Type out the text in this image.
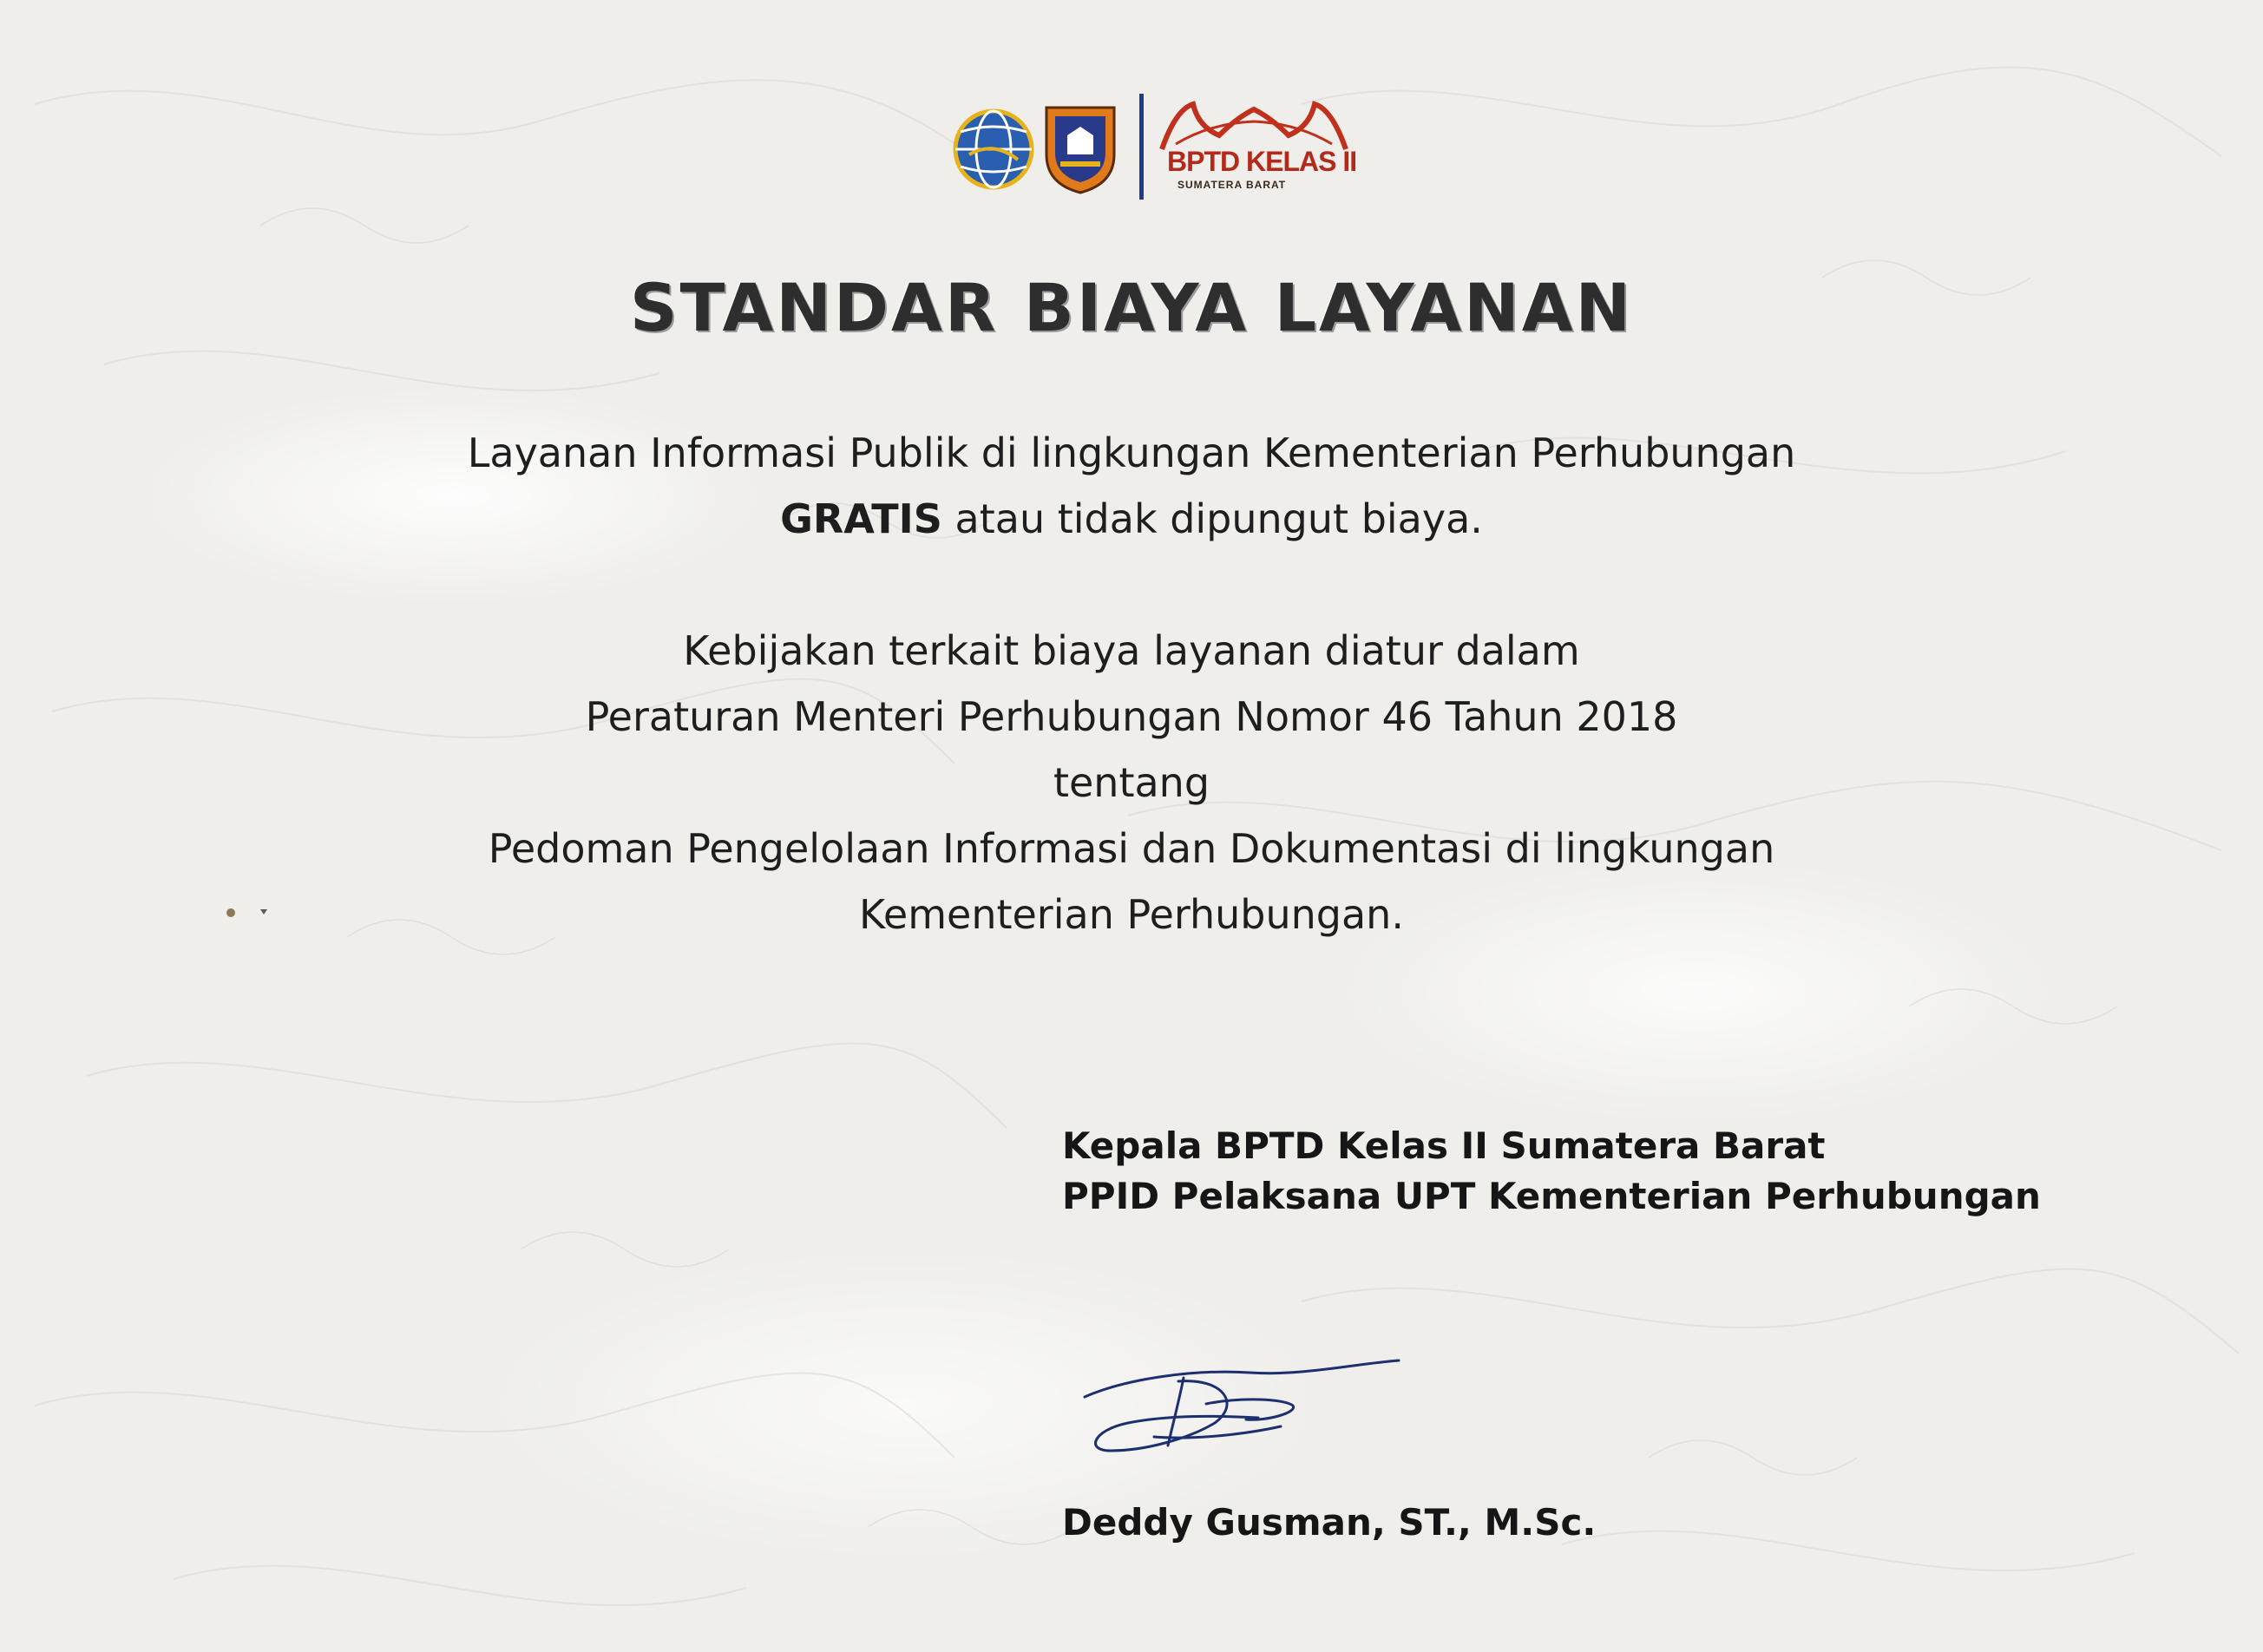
BPTD KELAS II
SUMATERA BARAT
STANDAR BIAYA LAYANAN
Layanan Informasi Publik di lingkungan Kementerian Perhubungan
GRATIS atau tidak dipungut biaya.
Kebijakan terkait biaya layanan diatur dalam
Peraturan Menteri Perhubungan Nomor 46 Tahun 2018
tentang
Pedoman Pengelolaan Informasi dan Dokumentasi di lingkungan
Kementerian Perhubungan.
Kepala BPTD Kelas II Sumatera Barat
PPID Pelaksana UPT Kementerian Perhubungan
Deddy Gusman, ST., M.Sc.
